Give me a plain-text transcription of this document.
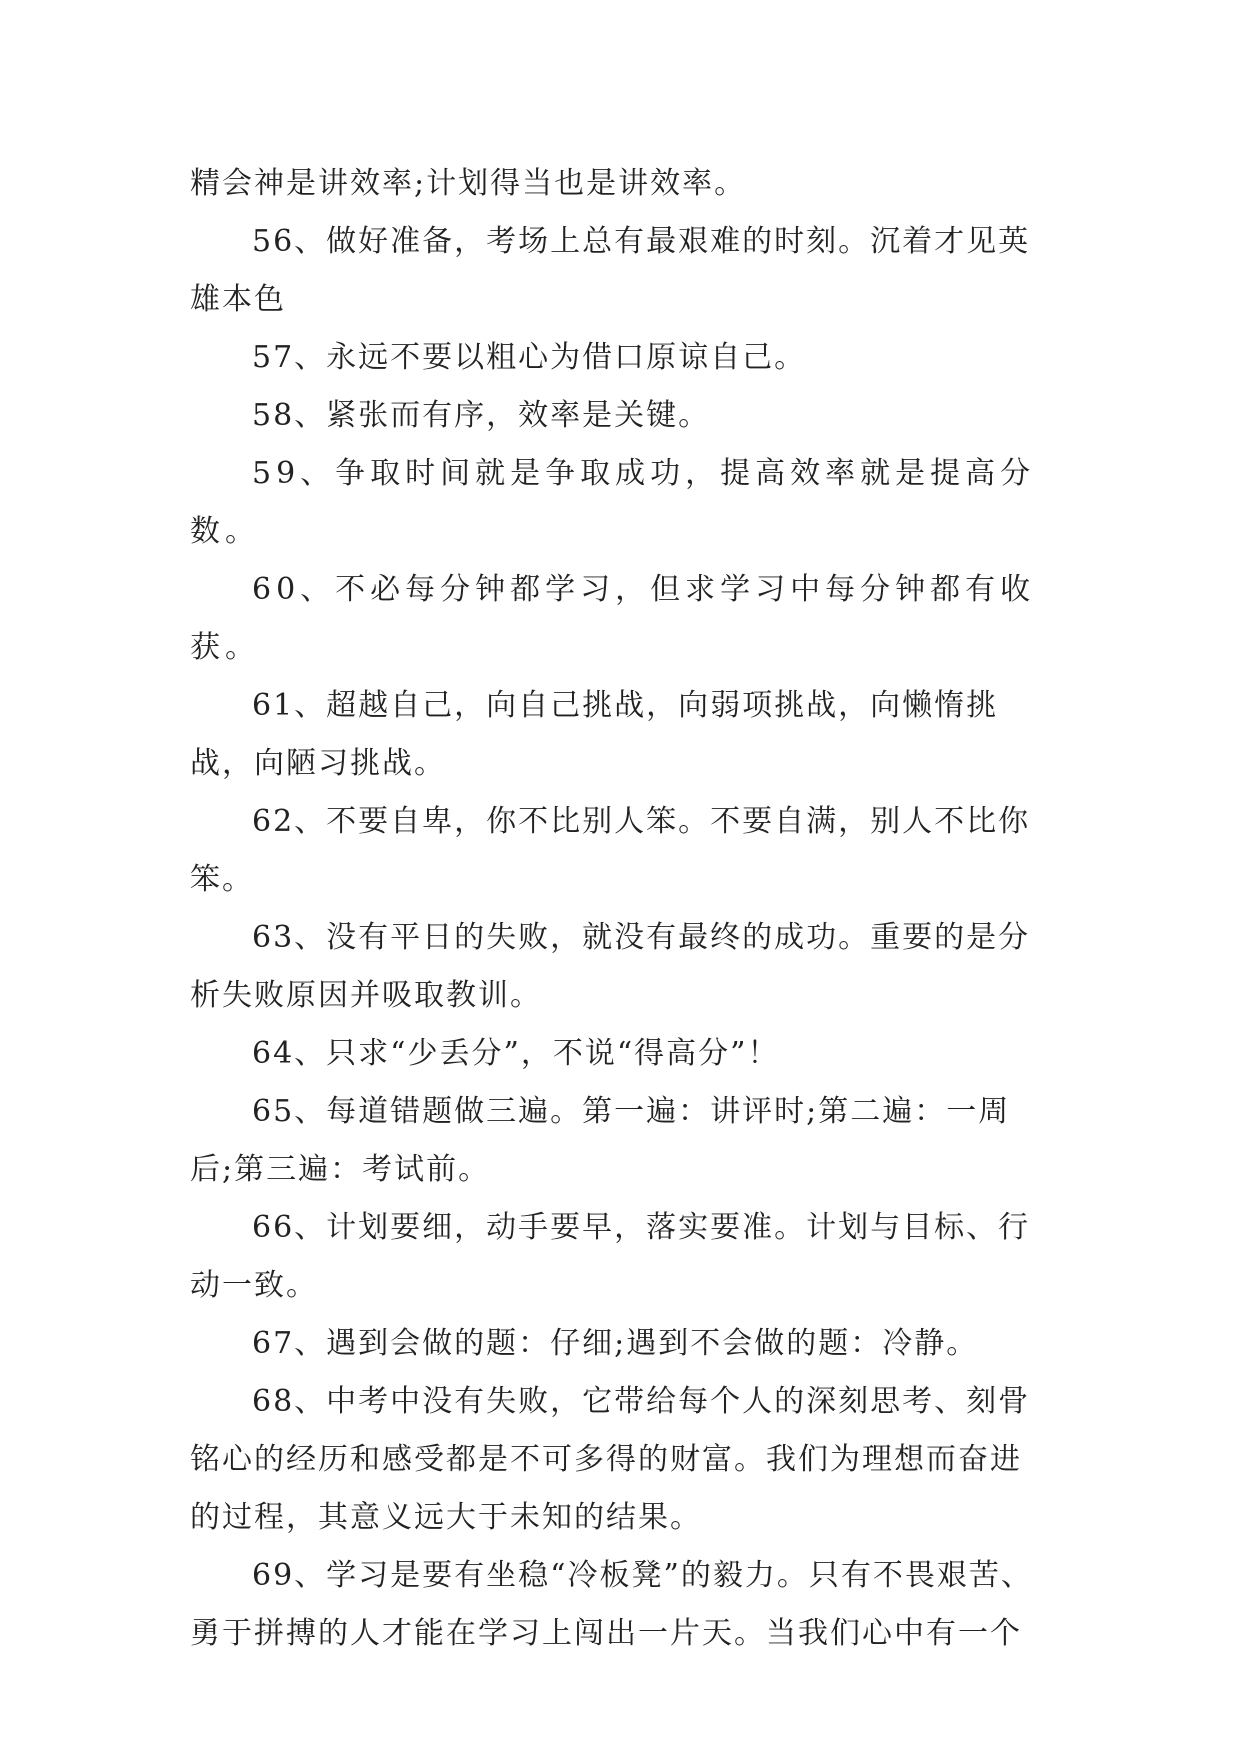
精会神是讲效率;计划得当也是讲效率。

56、做好准备，考场上总有最艰难的时刻。沉着才见英雄本色

57、永远不要以粗心为借口原谅自己。

58、紧张而有序，效率是关键。

59、争取时间就是争取成功，提高效率就是提高分数。

60、不必每分钟都学习，但求学习中每分钟都有收获。

61、超越自己，向自己挑战，向弱项挑战，向懒惰挑战，向陋习挑战。

62、不要自卑，你不比别人笨。不要自满，别人不比你笨。

63、没有平日的失败，就没有最终的成功。重要的是分析失败原因并吸取教训。

64、只求“少丢分”，不说“得高分”！

65、每道错题做三遍。第一遍：讲评时;第二遍：一周后;第三遍：考试前。

66、计划要细，动手要早，落实要准。计划与目标、行动一致。

67、遇到会做的题：仔细;遇到不会做的题：冷静。

68、中考中没有失败，它带给每个人的深刻思考、刻骨铭心的经历和感受都是不可多得的财富。我们为理想而奋进的过程，其意义远大于未知的结果。

69、学习是要有坐稳“冷板凳”的毅力。只有不畏艰苦、勇于拼搏的人才能在学习上闯出一片天。当我们心中有一个
